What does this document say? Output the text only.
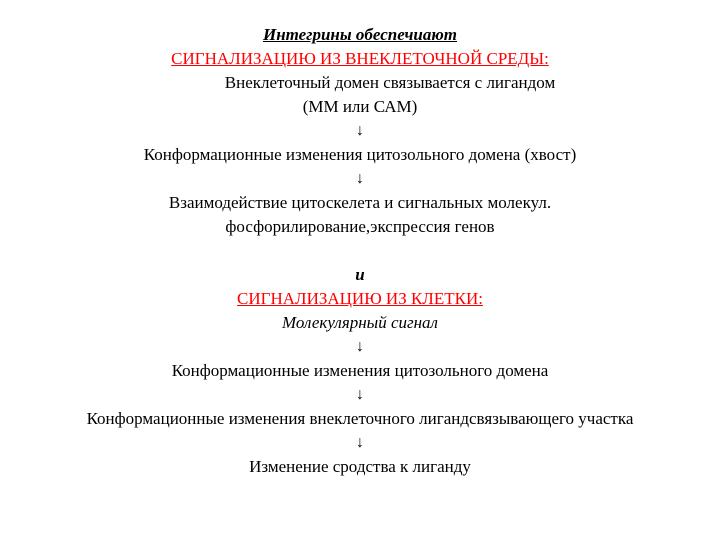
Интегрины обеспечиают
СИГНАЛИЗАЦИЮ ИЗ ВНЕКЛЕТОЧНОЙ СРЕДЫ:
Внеклеточный домен связывается с лигандом
(ММ или САМ)
↓
Конформационные изменения цитозольного домена (хвост)
↓
Взаимодействие цитоскелета и сигнальных молекул.
фосфорилирование,экспрессия генов
и
СИГНАЛИЗАЦИЮ ИЗ КЛЕТКИ:
Молекулярный сигнал
↓
Конформационные изменения цитозольного домена
↓
Конформационные изменения внеклеточного лигандсвязывающего участка
↓
Изменение сродства к лиганду
